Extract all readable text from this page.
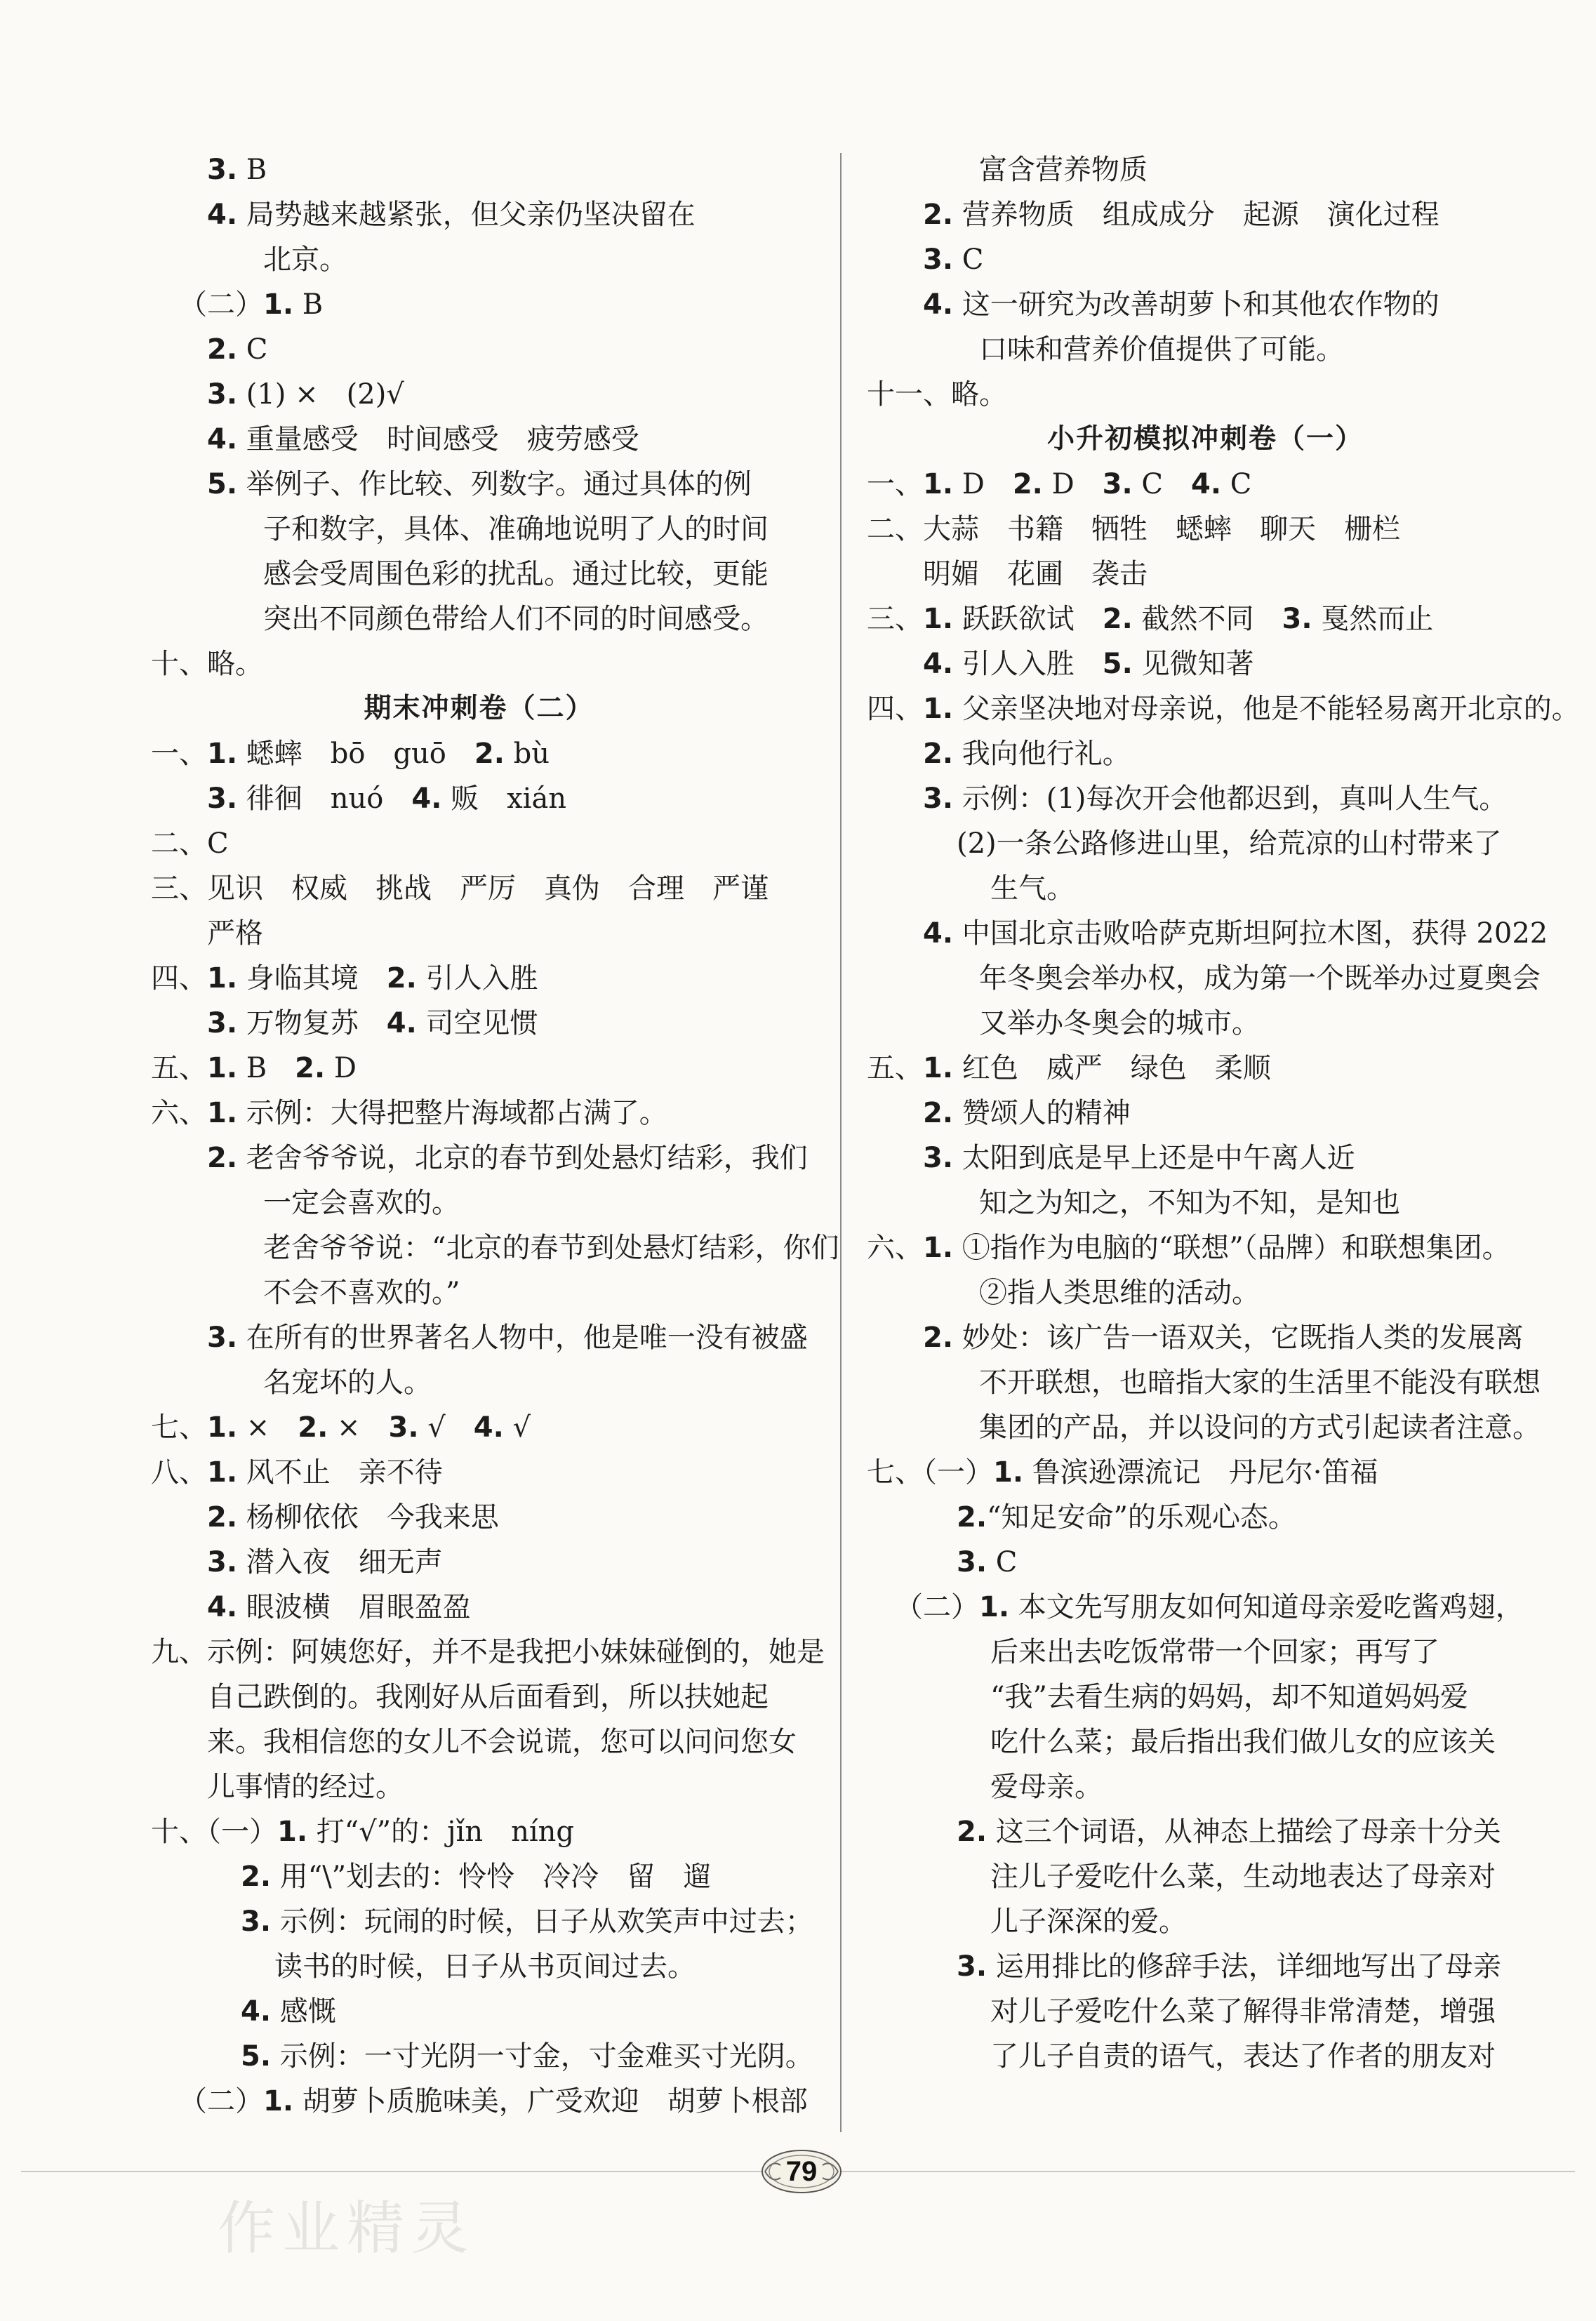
3. B
4. 局势越来越紧张，但父亲仍坚决留在
北京。
（二）1. B
2. C
3. (1) ×　(2)√
4. 重量感受　时间感受　疲劳感受
5. 举例子、作比较、列数字。通过具体的例
子和数字，具体、准确地说明了人的时间
感会受周围色彩的扰乱。通过比较，更能
突出不同颜色带给人们不同的时间感受。
十、略。
期末冲刺卷（二）
一、1. 蟋蟀　bō　guō　2. bù
3. 徘徊　nuó　4. 贩　xián
二、C
三、见识　权威　挑战　严厉　真伪　合理　严谨
严格
四、1. 身临其境　2. 引人入胜
3. 万物复苏　4. 司空见惯
五、1. B　2. D
六、1. 示例：大得把整片海域都占满了。
2. 老舍爷爷说，北京的春节到处悬灯结彩，我们
一定会喜欢的。
老舍爷爷说：“北京的春节到处悬灯结彩，你们
不会不喜欢的。”
3. 在所有的世界著名人物中，他是唯一没有被盛
名宠坏的人。
七、1. ×　2. ×　3. √　4. √
八、1. 风不止　亲不待
2. 杨柳依依　今我来思
3. 潜入夜　细无声
4. 眼波横　眉眼盈盈
九、示例：阿姨您好，并不是我把小妹妹碰倒的，她是
自己跌倒的。我刚好从后面看到，所以扶她起
来。我相信您的女儿不会说谎，您可以问问您女
儿事情的经过。
十、（一）1. 打“√”的：jǐn　níng
2. 用“\”划去的：怜怜　冷冷　留　遛
3. 示例：玩闹的时候，日子从欢笑声中过去；
读书的时候，日子从书页间过去。
4. 感慨
5. 示例：一寸光阴一寸金，寸金难买寸光阴。
（二）1. 胡萝卜质脆味美，广受欢迎　胡萝卜根部
富含营养物质
2. 营养物质　组成成分　起源　演化过程
3. C
4. 这一研究为改善胡萝卜和其他农作物的
口味和营养价值提供了可能。
十一、略。
小升初模拟冲刺卷（一）
一、1. D　2. D　3. C　4. C
二、大蒜　书籍　牺牲　蟋蟀　聊天　栅栏
明媚　花圃　袭击
三、1. 跃跃欲试　2. 截然不同　3. 戛然而止
4. 引人入胜　5. 见微知著
四、1. 父亲坚决地对母亲说，他是不能轻易离开北京的。
2. 我向他行礼。
3. 示例：(1)每次开会他都迟到，真叫人生气。
(2)一条公路修进山里，给荒凉的山村带来了
生气。
4. 中国北京击败哈萨克斯坦阿拉木图，获得 2022
年冬奥会举办权，成为第一个既举办过夏奥会
又举办冬奥会的城市。
五、1. 红色　威严　绿色　柔顺
2. 赞颂人的精神
3. 太阳到底是早上还是中午离人近
知之为知之，不知为不知，是知也
六、1. ①指作为电脑的“联想”（品牌）和联想集团。
②指人类思维的活动。
2. 妙处：该广告一语双关，它既指人类的发展离
不开联想，也暗指大家的生活里不能没有联想
集团的产品，并以设问的方式引起读者注意。
七、（一）1. 鲁滨逊漂流记　丹尼尔·笛福
2.“知足安命”的乐观心态。
3. C
（二）1. 本文先写朋友如何知道母亲爱吃酱鸡翅，
后来出去吃饭常带一个回家；再写了
“我”去看生病的妈妈，却不知道妈妈爱
吃什么菜；最后指出我们做儿女的应该关
爱母亲。
2. 这三个词语，从神态上描绘了母亲十分关
注儿子爱吃什么菜，生动地表达了母亲对
儿子深深的爱。
3. 运用排比的修辞手法，详细地写出了母亲
对儿子爱吃什么菜了解得非常清楚，增强
了儿子自责的语气，表达了作者的朋友对
79
作业精灵
